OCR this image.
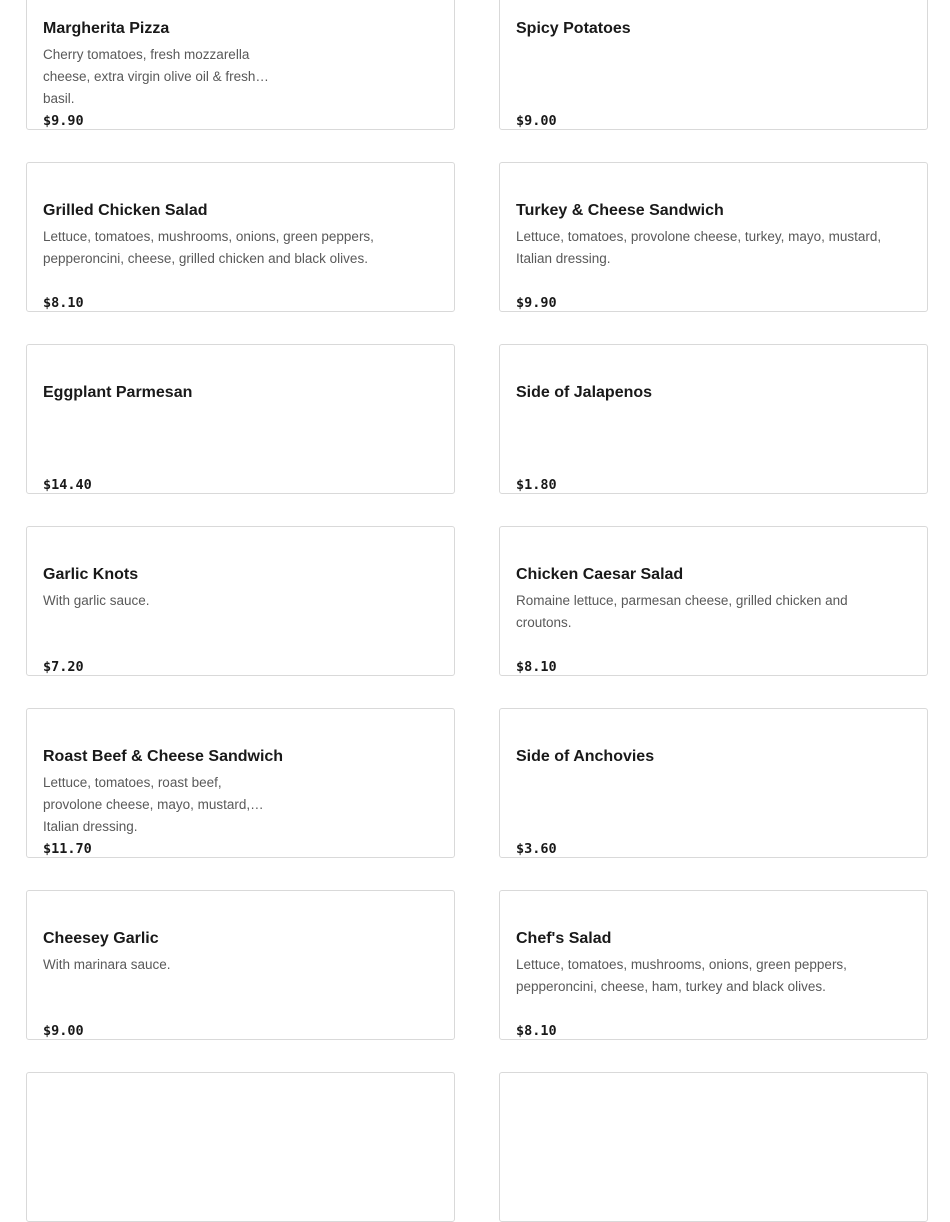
Margherita Pizza
Cherry tomatoes, fresh mozzarella cheese, extra virgin olive oil & fresh basil.
$9.90
Spicy Potatoes
$9.00
Grilled Chicken Salad
Lettuce, tomatoes, mushrooms, onions, green peppers, pepperoncini, cheese, grilled chicken and black olives.
$8.10
Turkey & Cheese Sandwich
Lettuce, tomatoes, provolone cheese, turkey, mayo, mustard, Italian dressing.
$9.90
Eggplant Parmesan
$14.40
Side of Jalapenos
$1.80
Garlic Knots
With garlic sauce.
$7.20
Chicken Caesar Salad
Romaine lettuce, parmesan cheese, grilled chicken and croutons.
$8.10
Roast Beef & Cheese Sandwich
Lettuce, tomatoes, roast beef, provolone cheese, mayo, mustard, Italian dressing.
$11.70
Side of Anchovies
$3.60
Cheesey Garlic
With marinara sauce.
$9.00
Chef's Salad
Lettuce, tomatoes, mushrooms, onions, green peppers, pepperoncini, cheese, ham, turkey and black olives.
$8.10
